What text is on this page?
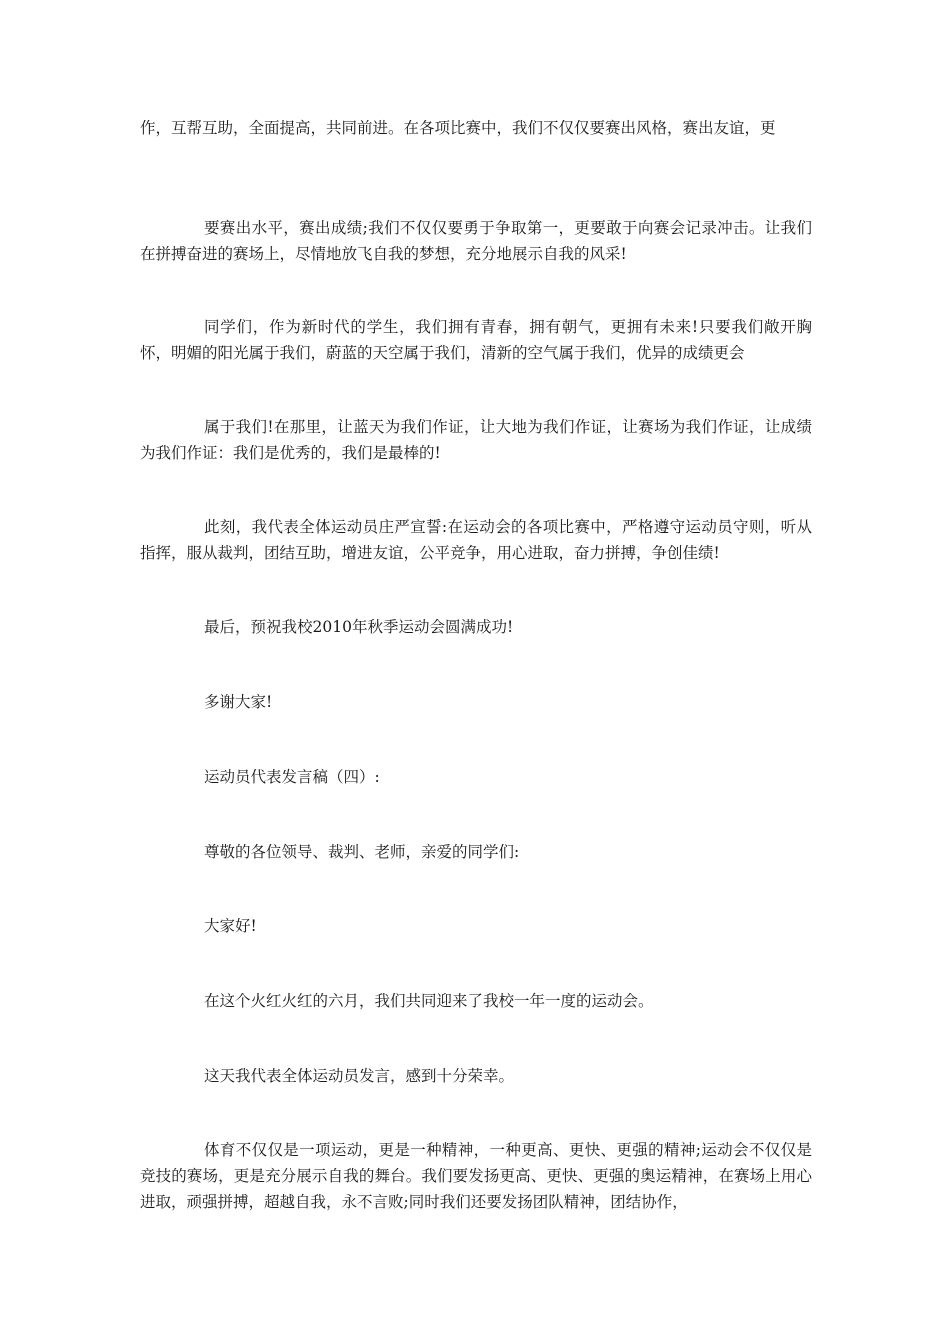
作，互帮互助，全面提高，共同前进。在各项比赛中，我们不仅仅要赛出风格，赛出友谊，更

要赛出水平，赛出成绩;我们不仅仅要勇于争取第一，更要敢于向赛会记录冲击。让我们在拼搏奋进的赛场上，尽情地放飞自我的梦想，充分地展示自我的风采!

同学们，作为新时代的学生，我们拥有青春，拥有朝气，更拥有未来!只要我们敞开胸怀，明媚的阳光属于我们，蔚蓝的天空属于我们，清新的空气属于我们，优异的成绩更会

属于我们!在那里，让蓝天为我们作证，让大地为我们作证，让赛场为我们作证，让成绩为我们作证：我们是优秀的，我们是最棒的!

此刻，我代表全体运动员庄严宣誓:在运动会的各项比赛中，严格遵守运动员守则，听从指挥，服从裁判，团结互助，增进友谊，公平竞争，用心进取，奋力拼搏，争创佳绩!

最后，预祝我校2010年秋季运动会圆满成功!

多谢大家!

运动员代表发言稿（四）:

尊敬的各位领导、裁判、老师，亲爱的同学们:

大家好!

在这个火红火红的六月，我们共同迎来了我校一年一度的运动会。

这天我代表全体运动员发言，感到十分荣幸。

体育不仅仅是一项运动，更是一种精神，一种更高、更快、更强的精神;运动会不仅仅是竞技的赛场，更是充分展示自我的舞台。我们要发扬更高、更快、更强的奥运精神，在赛场上用心进取，顽强拼搏，超越自我，永不言败;同时我们还要发扬团队精神，团结协作，
